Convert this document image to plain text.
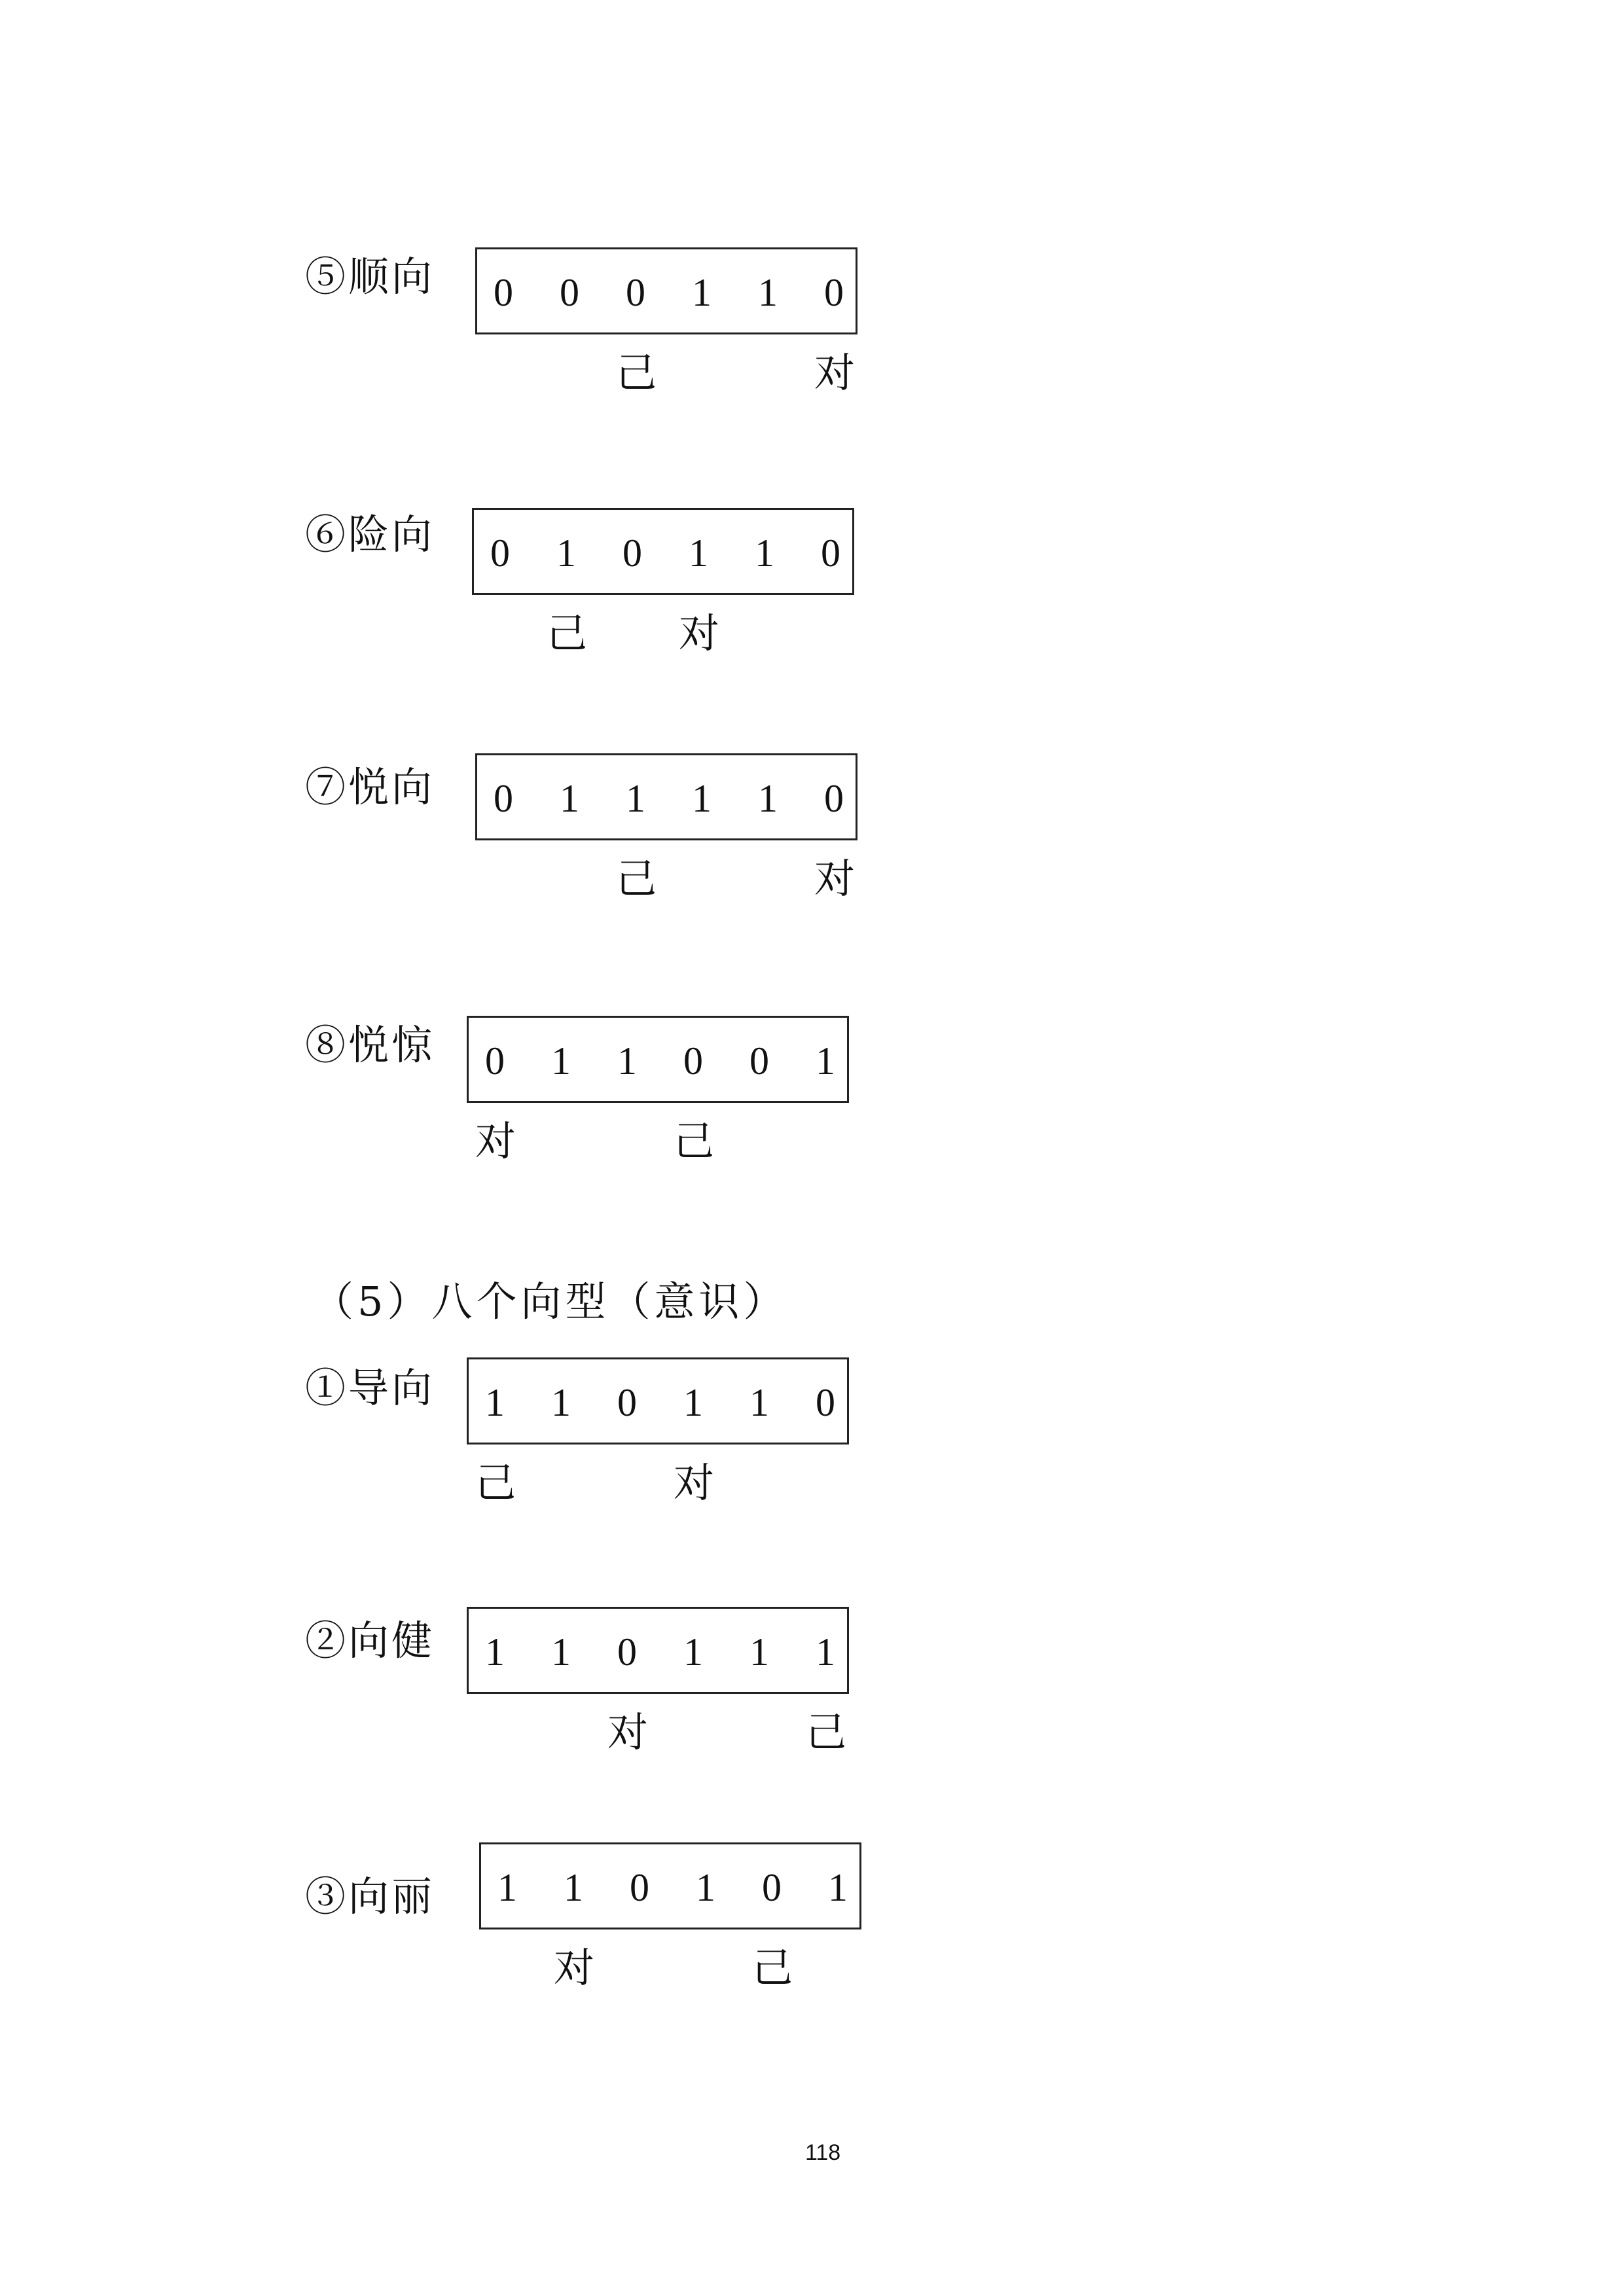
⑤顺向 0 0 0 1 1 0
己	对
⑥险向 0 1 0 1 1 0
己 对
⑦悦向 0 1 1 1 1 0
己	对
⑧悦惊 0 1 1 0 0 1
对	己
（5）八个向型（意识）
①导向 1 1 0 1 1 0
己	对
②向健 1 1 0 1 1 1
对	己
③向丽 1 1 0 1 0 1
对	己
118
